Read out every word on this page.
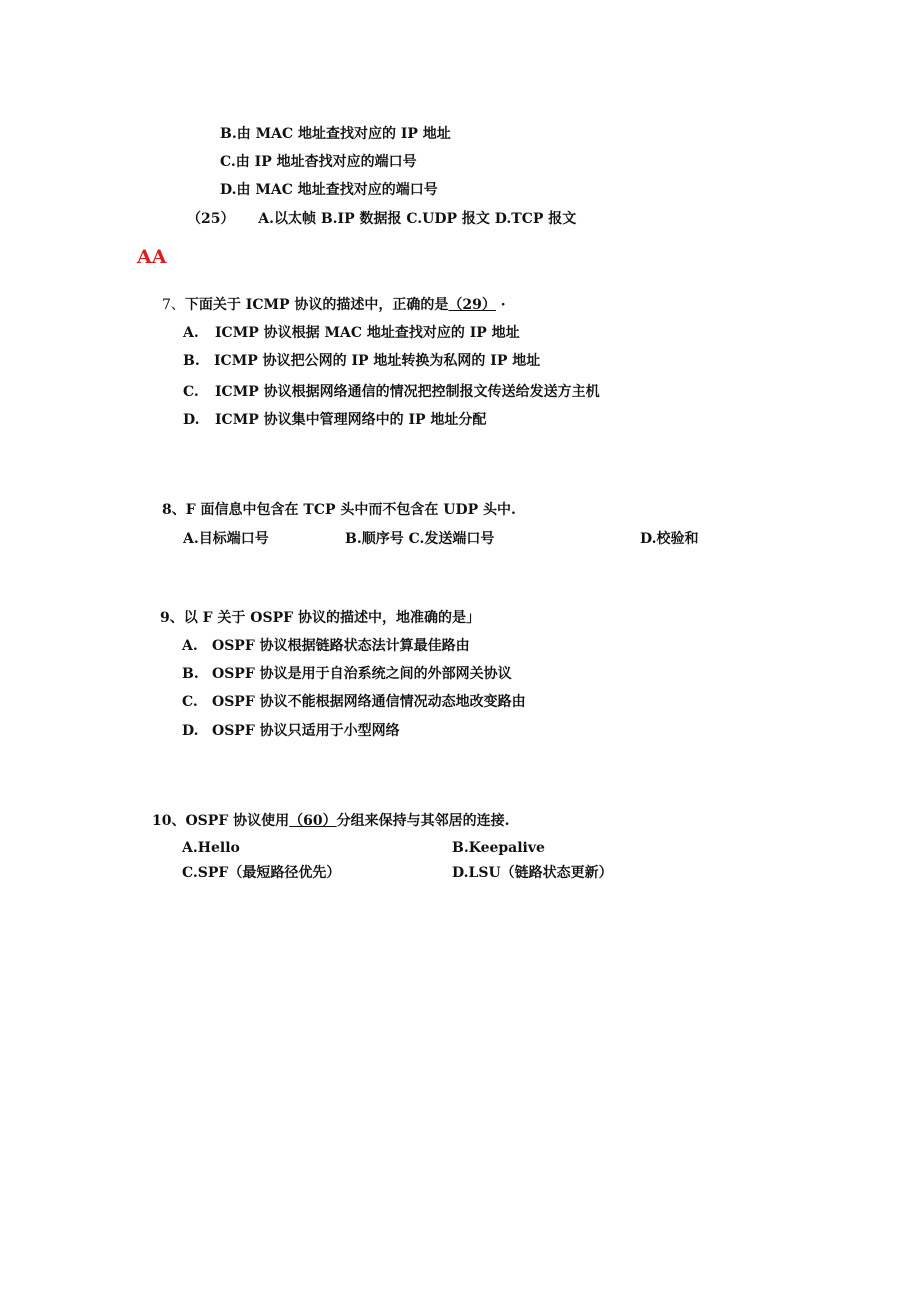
B.由 MAC 地址查找对应的 IP 地址
C.由 IP 地址杳找对应的端口号
D.由 MAC 地址查找对应的端口号
（25） A.以太帧 B.IP 数据报 C.UDP 报文 D.TCP 报文
AA
7、下面关于 ICMP 协议的描述中，正确的是（29） ·
A. ICMP 协议根据 MAC 地址查找对应的 IP 地址
B. ICMP 协议把公网的 IP 地址转换为私网的 IP 地址
C. ICMP 协议根据网络通信的情况把控制报文传送给发送方主机
D. ICMP 协议集中管理网络中的 IP 地址分配
8、F 面信息中包含在 TCP 头中而不包含在 UDP 头中.
A.目标端口号	B.顺序号 C.发送端口号	D.校验和
9、以 F 关于 OSPF 协议的描述中，地准确的是」
A. OSPF 协议根据链路状态法计算最佳路由
B. OSPF 协议是用于自治系统之间的外部网关协议
C. OSPF 协议不能根据网络通信情况动态地改变路由
D. OSPF 协议只适用于小型网络
10、OSPF 协议使用（60）分组来保持与其邻居的连接.
A.Hello	B.Keepalive
C.SPF（最短路径优先）	D.LSU（链路状态更新）
